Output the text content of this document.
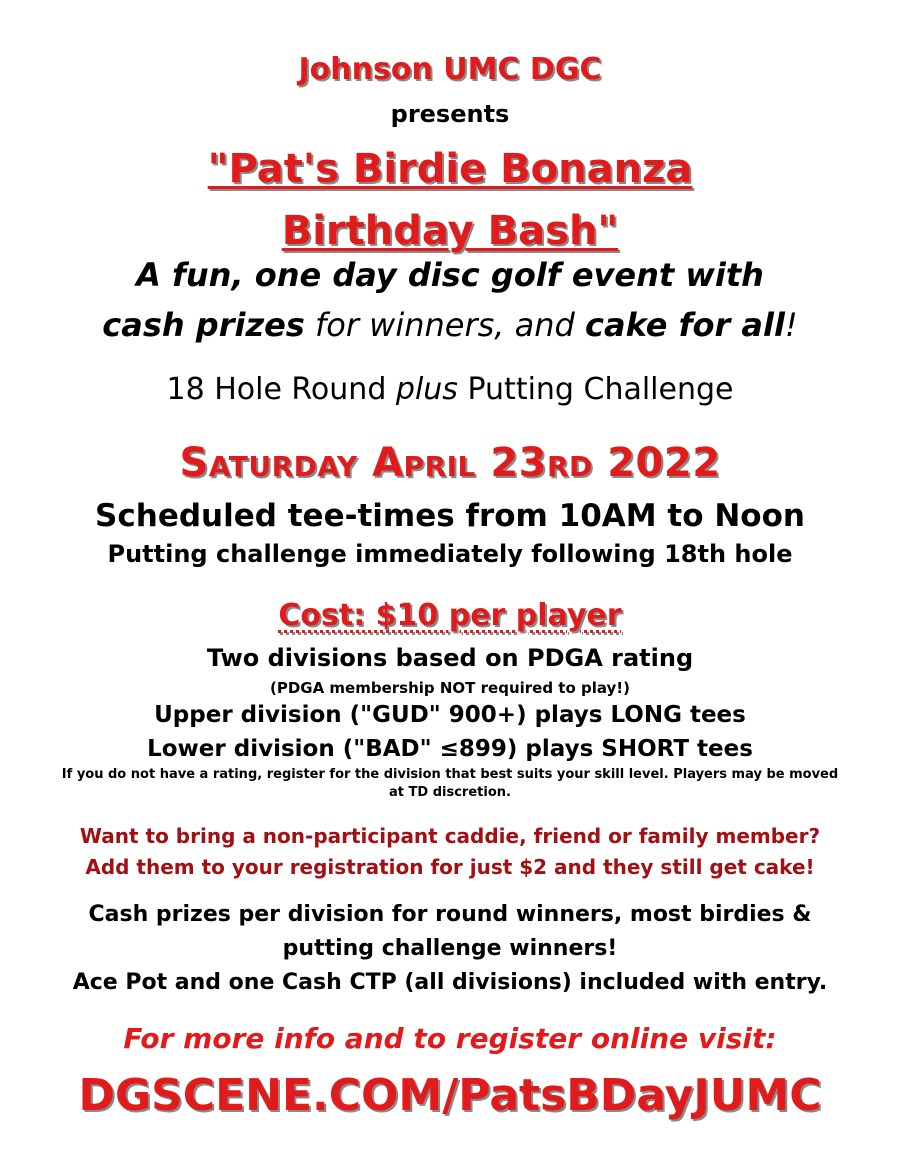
Johnson UMC DGC
presents
"Pat's Birdie Bonanza
Birthday Bash"
A fun, one day disc golf event with
cash prizes for winners, and cake for all!
18 Hole Round plus Putting Challenge
Saturday April 23rd 2022
Scheduled tee-times from 10AM to Noon
Putting challenge immediately following 18th hole
Cost: $10 per player
Two divisions based on PDGA rating
(PDGA membership NOT required to play!)
Upper division ("GUD" 900+) plays LONG tees
Lower division ("BAD" ≤899) plays SHORT tees
If you do not have a rating, register for the division that best suits your skill level. Players may be moved at TD discretion.
Want to bring a non-participant caddie, friend or family member?
Add them to your registration for just $2 and they still get cake!
Cash prizes per division for round winners, most birdies &
putting challenge winners!
Ace Pot and one Cash CTP (all divisions) included with entry.
For more info and to register online visit:
DGSCENE.COM/PatsBDayJUMC
